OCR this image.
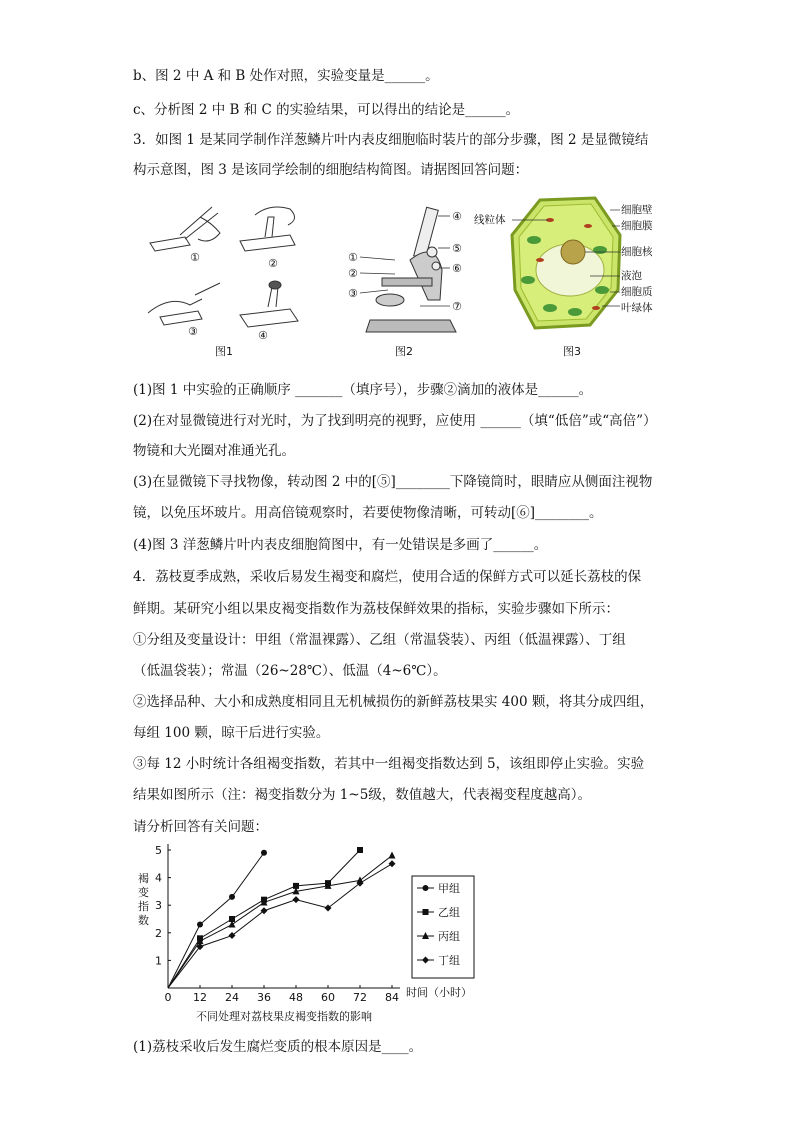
b、图 2 中 A 和 B 处作对照，实验变量是______。
c、分析图 2 中 B 和 C 的实验结果，可以得出的结论是______。
3．如图 1 是某同学制作洋葱鳞片叶内表皮细胞临时装片的部分步骤，图 2 是显微镜结
构示意图，图 3 是该同学绘制的细胞结构简图。请据图回答问题：
①	②
③	④
图1
①
②
③
④
⑤
⑥
⑦
图2
线粒体
细胞壁
细胞膜
细胞核
液泡
细胞质
叶绿体
图3
(1)图 1 中实验的正确顺序 _______（填序号），步骤②滴加的液体是______。
(2)在对显微镜进行对光时，为了找到明亮的视野，应使用 ______（填“低倍”或“高倍”）
物镜和大光圈对准通光孔。
(3)在显微镜下寻找物像，转动图 2 中的[⑤]________下降镜筒时，眼睛应从侧面注视物
镜，以免压坏玻片。用高倍镜观察时，若要使物像清晰，可转动[⑥]________。
(4)图 3 洋葱鳞片叶内表皮细胞简图中，有一处错误是多画了______。
4．荔枝夏季成熟，采收后易发生褐变和腐烂，使用合适的保鲜方式可以延长荔枝的保
鲜期。某研究小组以果皮褐变指数作为荔枝保鲜效果的指标，实验步骤如下所示：
①分组及变量设计：甲组（常温裸露）、乙组（常温袋装）、丙组（低温裸露）、丁组
（低温袋装）；常温（26~28℃）、低温（4~6℃）。
②选择品种、大小和成熟度相同且无机械损伤的新鲜荔枝果实 400 颗，将其分成四组，
每组 100 颗，晾干后进行实验。
③每 12 小时统计各组褐变指数，若其中一组褐变指数达到 5，该组即停止实验。实验
结果如图所示（注：褐变指数分为 1~5级，数值越大，代表褐变程度越高）。
请分析回答有关问题：
0 12 24 36 48 60 72 84
1
2
3
4
5
甲组
乙组
丙组
丁组
褐变指数
时间（小时）
不同处理对荔枝果皮褐变指数的影响
(1)荔枝采收后发生腐烂变质的根本原因是____。
